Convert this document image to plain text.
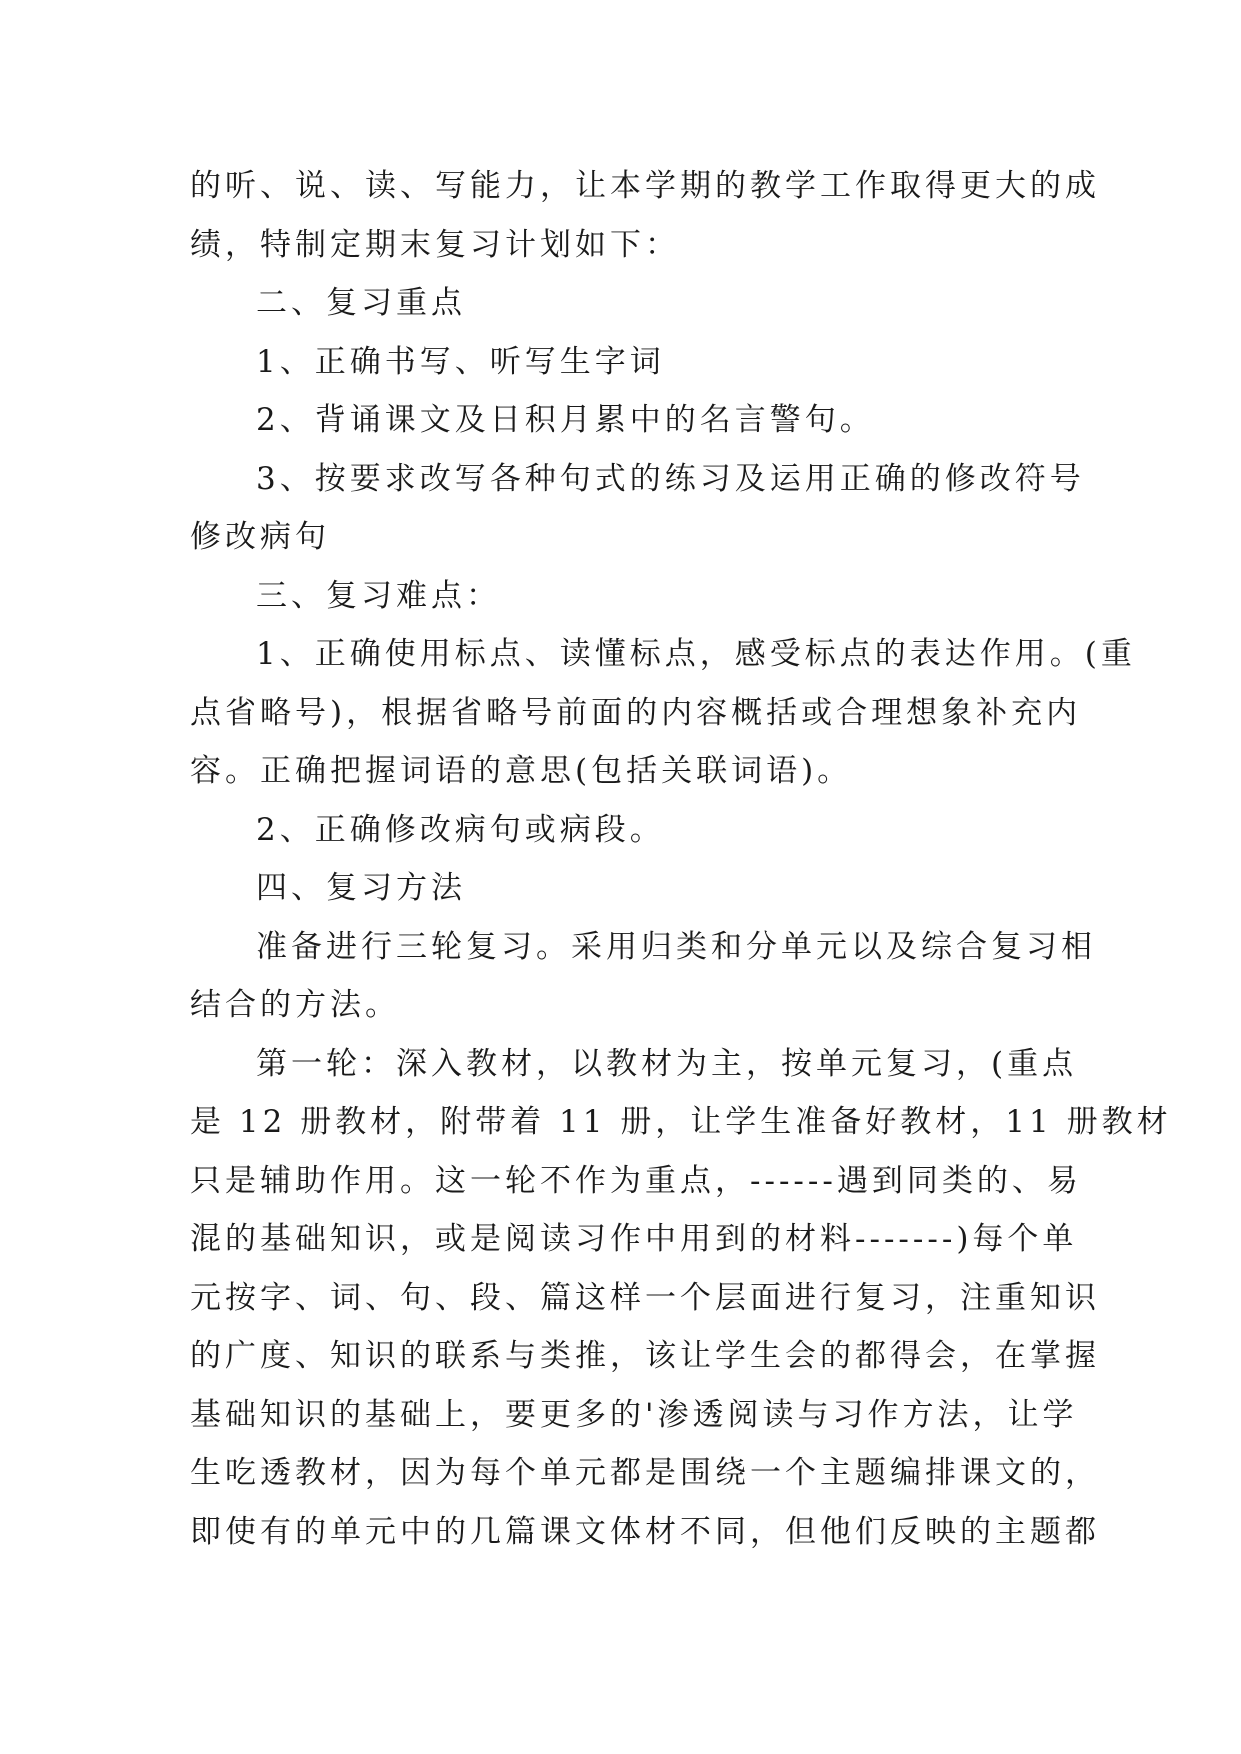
的听、说、读、写能力，让本学期的教学工作取得更大的成
绩，特制定期末复习计划如下：
二、复习重点
1、正确书写、听写生字词
2、背诵课文及日积月累中的名言警句。
3、按要求改写各种句式的练习及运用正确的修改符号
修改病句
三、复习难点：
1、正确使用标点、读懂标点，感受标点的表达作用。(重
点省略号)，根据省略号前面的内容概括或合理想象补充内
容。正确把握词语的意思(包括关联词语)。
2、正确修改病句或病段。
四、复习方法
准备进行三轮复习。采用归类和分单元以及综合复习相
结合的方法。
第一轮：深入教材，以教材为主，按单元复习，(重点
是 12 册教材，附带着 11 册，让学生准备好教材，11 册教材
只是辅助作用。这一轮不作为重点，------遇到同类的、易
混的基础知识，或是阅读习作中用到的材料-------)每个单
元按字、词、句、段、篇这样一个层面进行复习，注重知识
的广度、知识的联系与类推，该让学生会的都得会，在掌握
基础知识的基础上，要更多的'渗透阅读与习作方法，让学
生吃透教材，因为每个单元都是围绕一个主题编排课文的，
即使有的单元中的几篇课文体材不同，但他们反映的主题都
